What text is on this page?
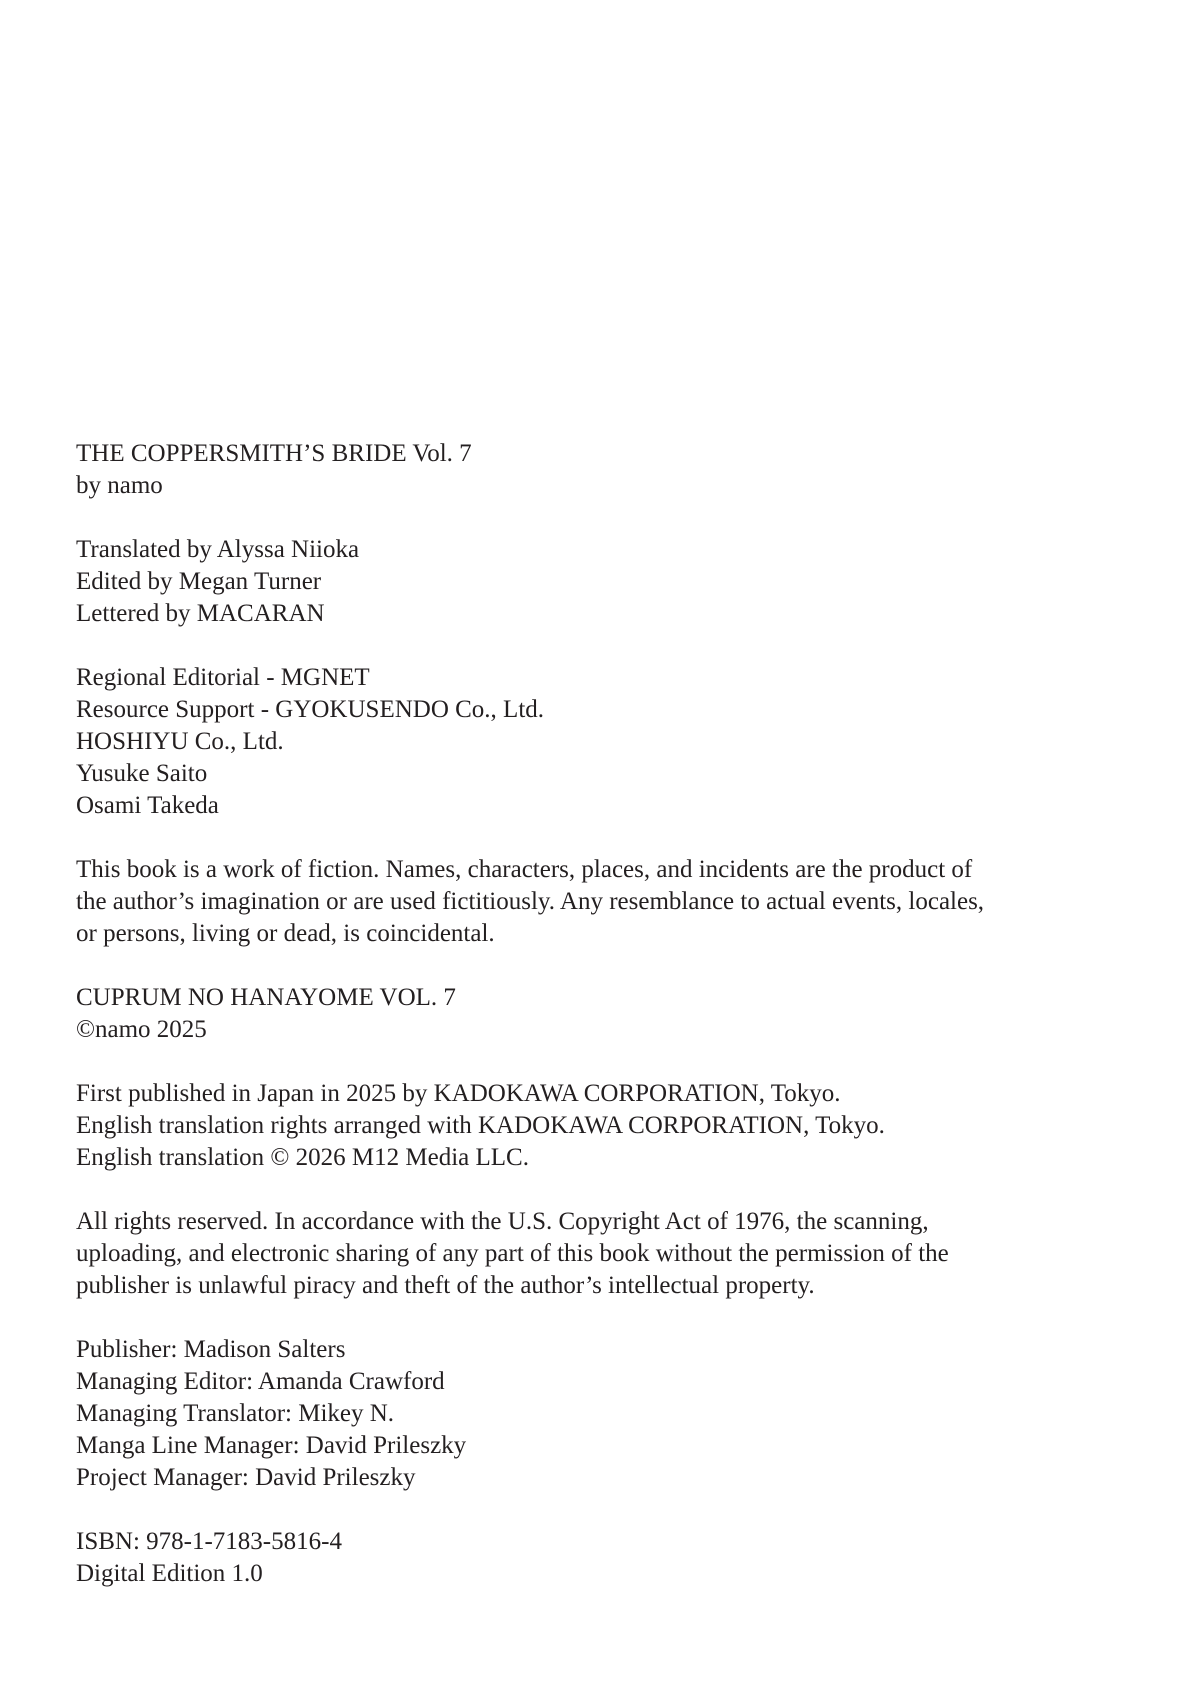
THE COPPERSMITH’S BRIDE Vol. 7
by namo
Translated by Alyssa Niioka
Edited by Megan Turner
Lettered by MACARAN
Regional Editorial - MGNET
Resource Support - GYOKUSENDO Co., Ltd.
HOSHIYU Co., Ltd.
Yusuke Saito
Osami Takeda
This book is a work of fiction. Names, characters, places, and incidents are the product of
the author’s imagination or are used fictitiously. Any resemblance to actual events, locales,
or persons, living or dead, is coincidental.
CUPRUM NO HANAYOME VOL. 7
©namo 2025
First published in Japan in 2025 by KADOKAWA CORPORATION, Tokyo.
English translation rights arranged with KADOKAWA CORPORATION, Tokyo.
English translation © 2026 M12 Media LLC.
All rights reserved. In accordance with the U.S. Copyright Act of 1976, the scanning,
uploading, and electronic sharing of any part of this book without the permission of the
publisher is unlawful piracy and theft of the author’s intellectual property.
Publisher: Madison Salters
Managing Editor: Amanda Crawford
Managing Translator: Mikey N.
Manga Line Manager: David Prileszky
Project Manager: David Prileszky
ISBN: 978-1-7183-5816-4
Digital Edition 1.0
